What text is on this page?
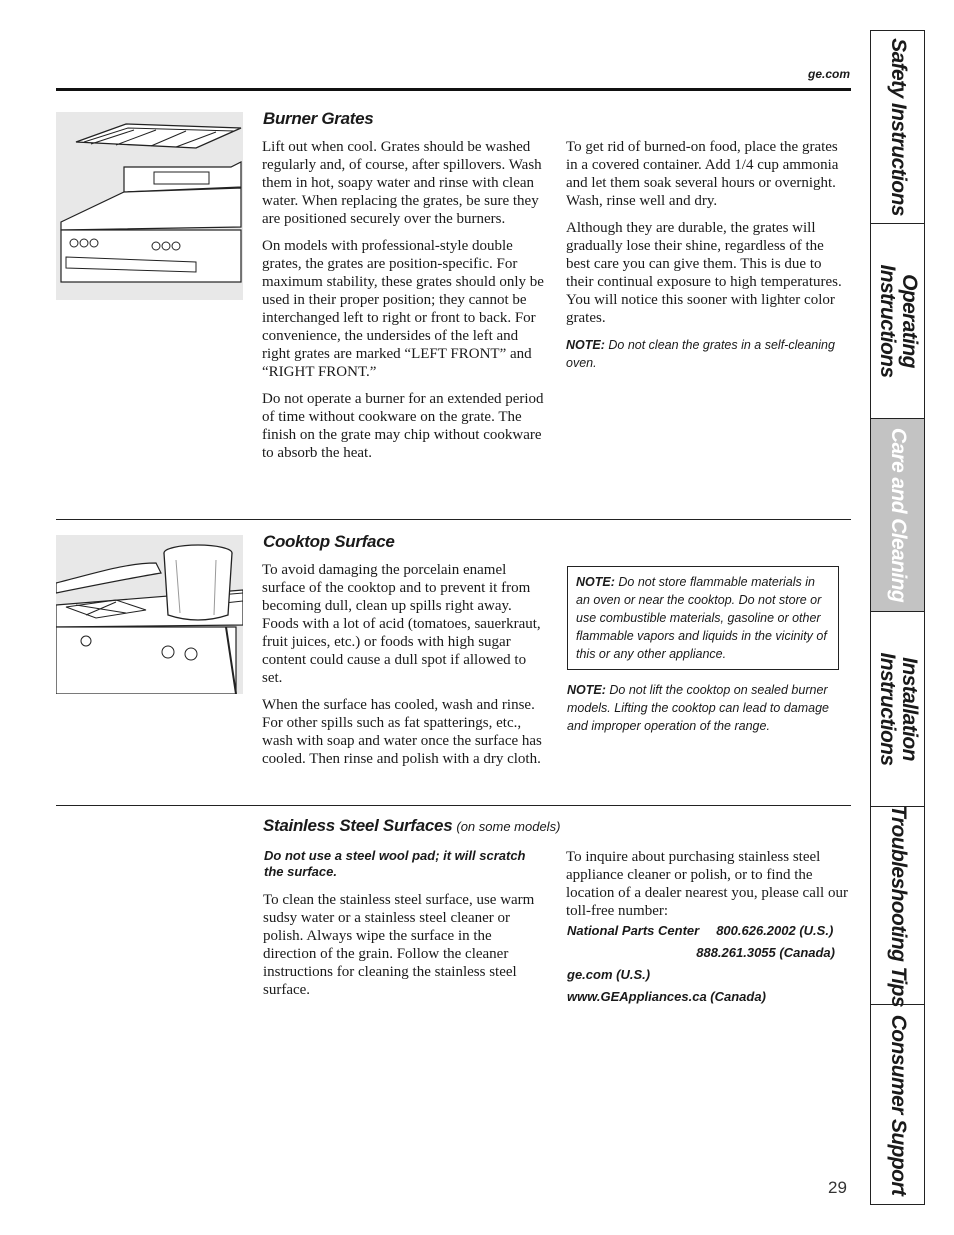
ge.com
Burner Grates

Lift out when cool. Grates should be washed regularly and, of course, after spillovers. Wash them in hot, soapy water and rinse with clean water. When replacing the grates, be sure they are positioned securely over the burners.

On models with professional-style double grates, the grates are position-specific. For maximum stability, these grates should only be used in their proper position; they cannot be interchanged left to right or front to back. For convenience, the undersides of the left and right grates are marked “LEFT FRONT” and “RIGHT FRONT.”

Do not operate a burner for an extended period of time without cookware on the grate. The finish on the grate may chip without cookware to absorb the heat.

To get rid of burned-on food, place the grates in a covered container. Add 1/4 cup ammonia and let them soak several hours or overnight. Wash, rinse well and dry.

Although they are durable, the grates will gradually lose their shine, regardless of the best care you can give them. This is due to their continual exposure to high temperatures. You will notice this sooner with lighter color grates.

NOTE: Do not clean the grates in a self-cleaning oven.
Cooktop Surface

To avoid damaging the porcelain enamel surface of the cooktop and to prevent it from becoming dull, clean up spills right away. Foods with a lot of acid (tomatoes, sauerkraut, fruit juices, etc.) or foods with high sugar content could cause a dull spot if allowed to set.

When the surface has cooled, wash and rinse. For other spills such as fat spatterings, etc., wash with soap and water once the surface has cooled. Then rinse and polish with a dry cloth.

NOTE: Do not store flammable materials in an oven or near the cooktop. Do not store or use combustible materials, gasoline or other flammable vapors and liquids in the vicinity of this or any other appliance.
NOTE: Do not lift the cooktop on sealed burner models. Lifting the cooktop can lead to damage and improper operation of the range.
Stainless Steel Surfaces (on some models)
Do not use a steel wool pad; it will scratch the surface.
To clean the stainless steel surface, use warm sudsy water or a stainless steel cleaner or polish. Always wipe the surface in the direction of the grain. Follow the cleaner instructions for cleaning the stainless steel surface.
To inquire about purchasing stainless steel appliance cleaner or polish, or to find the location of a dealer nearest you, please call our toll-free number:
National Parts Center 800.626.2002 (U.S.)
888.261.3055 (Canada)
ge.com (U.S.)
www.GEAppliances.ca (Canada)
29
Safety Instructions
Operating Instructions
Care and Cleaning
Installation Instructions
Troubleshooting Tips
Consumer Support
